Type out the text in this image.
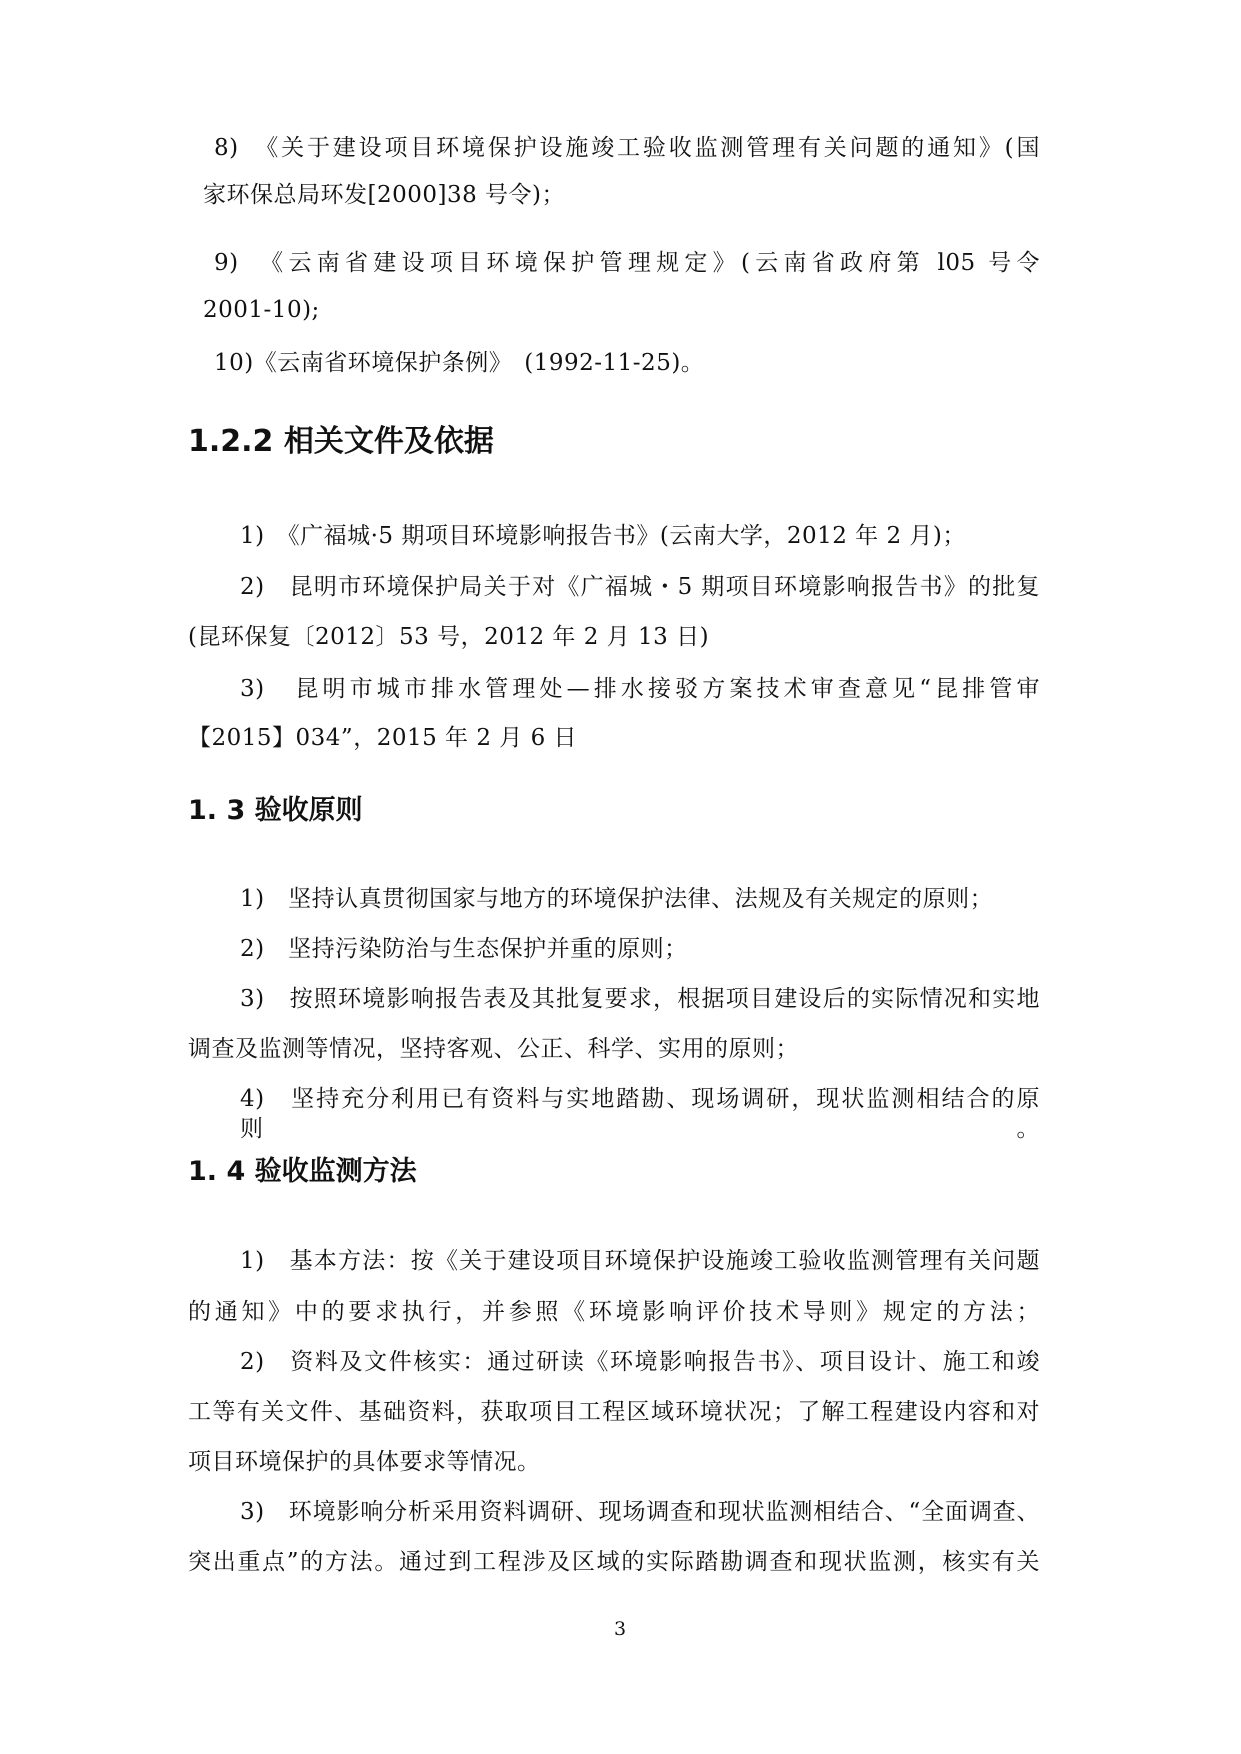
8)　《关于建设项目环境保护设施竣工验收监测管理有关问题的通知》(国
家环保总局环发[2000]38 号令)；
9)　《云南省建设项目环境保护管理规定》(云南省政府第 l05 号令
2001-10);
10)《云南省环境保护条例》　(1992-11-25)。
1.2.2 相关文件及依据
1)　《广福城·5 期项目环境影响报告书》(云南大学，2012 年 2 月)；
2)　昆明市环境保护局关于对《广福城・5 期项目环境影响报告书》的批复
(昆环保复〔2012〕53 号，2012 年 2 月 13 日)
3)　昆明市城市排水管理处—排水接驳方案技术审查意见“昆排管审
【2015】034”，2015 年 2 月 6 日
1. 3 验收原则
1)　坚持认真贯彻国家与地方的环境保护法律、法规及有关规定的原则；
2)　坚持污染防治与生态保护并重的原则；
3)　按照环境影响报告表及其批复要求，根据项目建设后的实际情况和实地
调查及监测等情况，坚持客观、公正、科学、实用的原则；
4)　坚持充分利用已有资料与实地踏勘、现场调研，现状监测相结合的原则。
1. 4 验收监测方法
1)　基本方法：按《关于建设项目环境保护设施竣工验收监测管理有关问题
的通知》中的要求执行，并参照《环境影响评价技术导则》规定的方法；
2)　资料及文件核实：通过研读《环境影响报告书》、项目设计、施工和竣
工等有关文件、基础资料，获取项目工程区域环境状况；了解工程建设内容和对
项目环境保护的具体要求等情况。
3)　环境影响分析采用资料调研、现场调查和现状监测相结合、“全面调查、
突出重点”的方法。通过到工程涉及区域的实际踏勘调查和现状监测，核实有关
3
